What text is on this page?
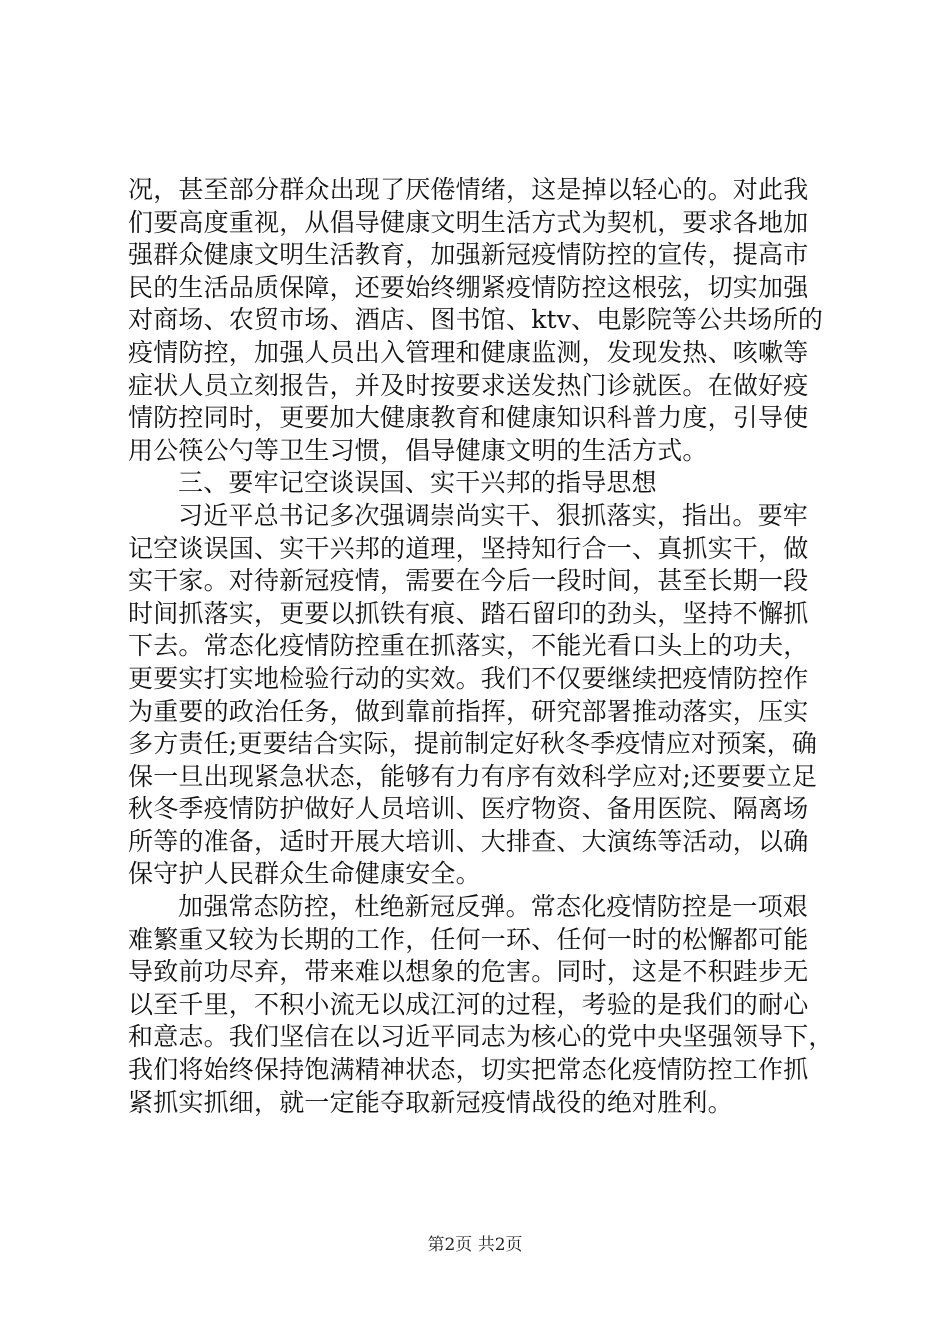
况，甚至部分群众出现了厌倦情绪，这是掉以轻心的。对此我
们要高度重视，从倡导健康文明生活方式为契机，要求各地加
强群众健康文明生活教育，加强新冠疫情防控的宣传，提高市
民的生活品质保障，还要始终绷紧疫情防控这根弦，切实加强
对商场、农贸市场、酒店、图书馆、ktv、电影院等公共场所的
疫情防控，加强人员出入管理和健康监测，发现发热、咳嗽等
症状人员立刻报告，并及时按要求送发热门诊就医。在做好疫
情防控同时，更要加大健康教育和健康知识科普力度，引导使
用公筷公勺等卫生习惯，倡导健康文明的生活方式。
三、要牢记空谈误国、实干兴邦的指导思想
习近平总书记多次强调崇尚实干、狠抓落实，指出。要牢
记空谈误国、实干兴邦的道理，坚持知行合一、真抓实干，做
实干家。对待新冠疫情，需要在今后一段时间，甚至长期一段
时间抓落实，更要以抓铁有痕、踏石留印的劲头，坚持不懈抓
下去。常态化疫情防控重在抓落实，不能光看口头上的功夫，
更要实打实地检验行动的实效。我们不仅要继续把疫情防控作
为重要的政治任务，做到靠前指挥，研究部署推动落实，压实
多方责任;更要结合实际，提前制定好秋冬季疫情应对预案，确
保一旦出现紧急状态，能够有力有序有效科学应对;还要要立足
秋冬季疫情防护做好人员培训、医疗物资、备用医院、隔离场
所等的准备，适时开展大培训、大排查、大演练等活动，以确
保守护人民群众生命健康安全。
加强常态防控，杜绝新冠反弹。常态化疫情防控是一项艰
难繁重又较为长期的工作，任何一环、任何一时的松懈都可能
导致前功尽弃，带来难以想象的危害。同时，这是不积跬步无
以至千里，不积小流无以成江河的过程，考验的是我们的耐心
和意志。我们坚信在以习近平同志为核心的党中央坚强领导下，
我们将始终保持饱满精神状态，切实把常态化疫情防控工作抓
紧抓实抓细，就一定能夺取新冠疫情战役的绝对胜利。
第2页 共2页
